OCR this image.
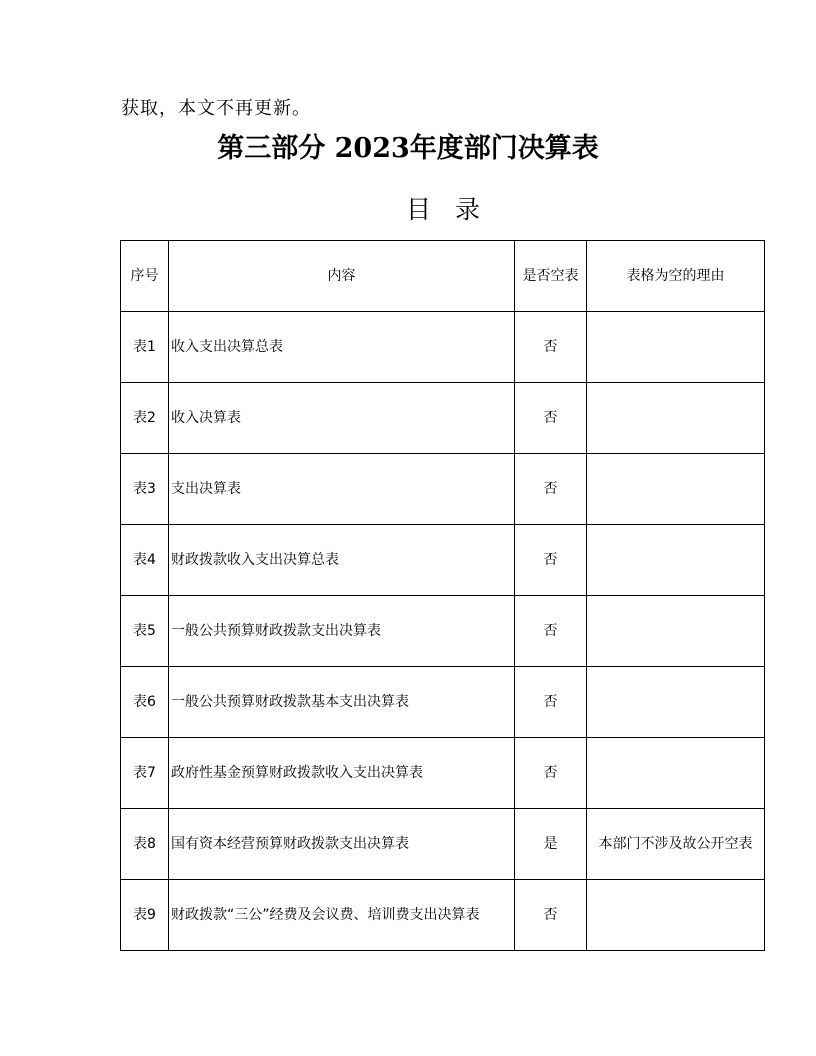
获取，本文不再更新。
第三部分 2023年度部门决算表
目 录
序号	内容	是否空表	表格为空的理由
表1	收入支出决算总表	否	
表2	收入决算表	否	
表3	支出决算表	否	
表4	财政拨款收入支出决算总表	否	
表5	一般公共预算财政拨款支出决算表	否	
表6	一般公共预算财政拨款基本支出决算表	否	
表7	政府性基金预算财政拨款收入支出决算表	否	
表8	国有资本经营预算财政拨款支出决算表	是	本部门不涉及故公开空表
表9	财政拨款“三公”经费及会议费、培训费支出决算表	否	
